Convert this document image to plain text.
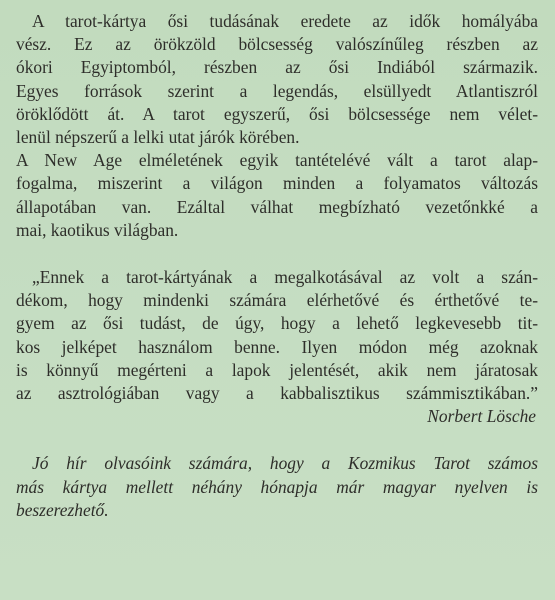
A tarot-kártya ősi tudásának eredete az idők homályába
vész. Ez az örökzöld bölcsesség valószínűleg részben az
ókori Egyiptomból, részben az ősi Indiából származik.
Egyes források szerint a legendás, elsüllyedt Atlantiszról
öröklődött át. A tarot egyszerű, ősi bölcsessége nem vélet-
lenül népszerű a lelki utat járók körében.

A New Age elméletének egyik tantételévé vált a tarot alap-
fogalma, miszerint a világon minden a folyamatos változás
állapotában van. Ezáltal válhat megbízható vezetőnkké a
mai, kaotikus világban.

„Ennek a tarot-kártyának a megalkotásával az volt a szán-
dékom, hogy mindenki számára elérhetővé és érthetővé te-
gyem az ősi tudást, de úgy, hogy a lehető legkevesebb tit-
kos jelképet használom benne. Ilyen módon még azoknak
is könnyű megérteni a lapok jelentését, akik nem járatosak
az asztrológiában vagy a kabbalisztikus számmisztikában.”

Norbert Lösche

Jó hír olvasóink számára, hogy a Kozmikus Tarot számos
más kártya mellett néhány hónapja már magyar nyelven is
beszerezhető.
